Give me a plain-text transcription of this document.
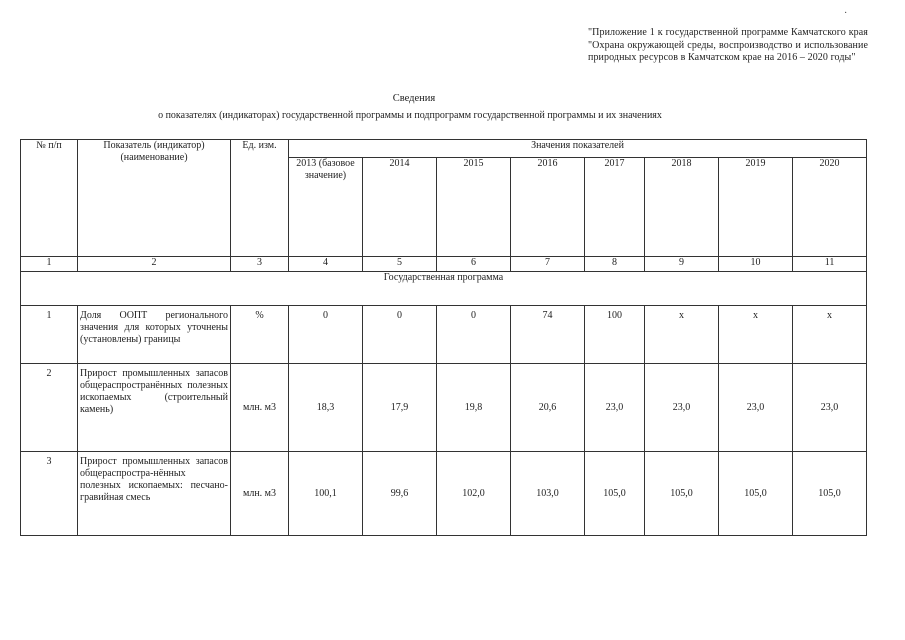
·
"Приложение 1 к государственной программе Камчатского края "Охрана окружающей среды, воспроизводство и использование природных ресурсов в Камчатском крае на 2016 – 2020 годы"
Сведения
о показателях (индикаторах) государственной программы и подпрограмм государственной программы и их значениях
№ п/п	Показатель (индикатор) (наименование)	Ед. изм.	Значения показателей							
			2013 (базовое значение)	2014	2015	2016	2017	2018	2019	2020
1	2	3	4	5	6	7	8	9	10	11
Государственная программа										
1	Доля ООПТ регионального значения для которых уточнены (установлены) границы	%	0	0	0	74	100	x	x	x
2	Прирост промышленных запасов общераспространённых полезных ископаемых (строительный камень)	млн. м3	18,3	17,9	19,8	20,6	23,0	23,0	23,0	23,0
3	Прирост промышленных запасов общераспростра-нённых полезных ископаемых: песчано-гравийная смесь	млн. м3	100,1	99,6	102,0	103,0	105,0	105,0	105,0	105,0
